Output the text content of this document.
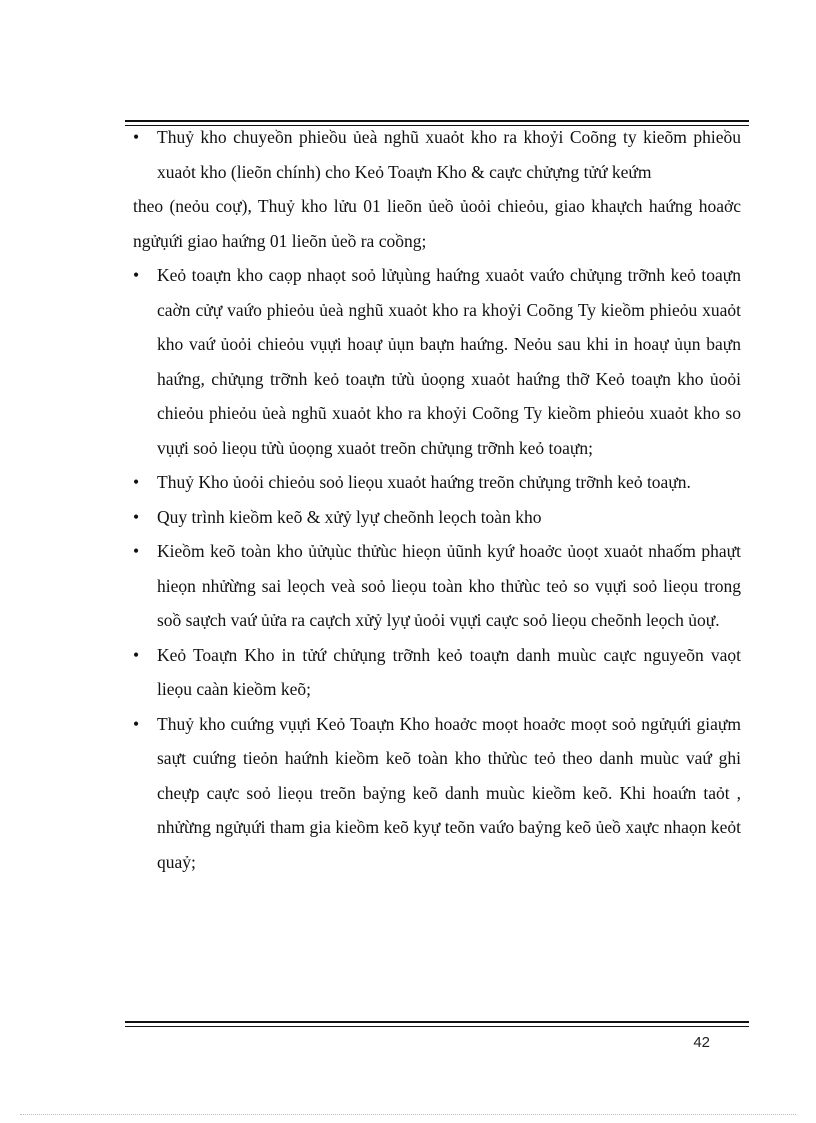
• Thuỷ kho chuyeồn phieồu ủeà nghũ xuaỏt kho ra khoỷi Coõng ty kieõm phieồu xuaỏt kho (lieõn chính) cho Keỏ Toaựn Kho & caực chửựng tửứ keứm

theo (neỏu coự), Thuỷ kho lửu 01 lieõn ủeồ ủoỏi chieỏu, giao khaựch haứng hoaởc ngửụứi giao haứng 01 lieõn ủeồ ra coồng;

• Keỏ toaựn kho caọp nhaọt soỏ lửụùng haứng xuaỏt vaứo chửụng trỡnh keỏ toaựn caờn cửự vaứo phieỏu ủeà nghũ xuaỏt kho ra khoỷi Coõng Ty kieồm phieỏu xuaỏt kho vaứ ủoỏi chieỏu vụựi hoaự ủụn baựn haứng. Neỏu sau khi in hoaự ủụn baựn haứng, chửụng trỡnh keỏ toaựn tửù ủoọng xuaỏt haứng thỡ Keỏ toaựn kho ủoỏi chieỏu phieỏu ủeà nghũ xuaỏt kho ra khoỷi Coõng Ty kieồm phieỏu xuaỏt kho so vụựi soỏ lieọu tửù ủoọng xuaỏt treõn chửụng trỡnh keỏ toaựn;

• Thuỷ Kho ủoỏi chieỏu soỏ lieọu xuaỏt haứng treõn chửụng trỡnh keỏ toaựn.

• Quy trình kieồm keõ & xửỷ lyự cheõnh leọch toàn kho

• Kieồm keõ toàn kho ủửụùc thửùc hieọn ủũnh kyứ hoaởc ủoọt xuaỏt nhaốm phaựt hieọn nhửừng sai leọch veà soỏ lieọu toàn kho thửùc teỏ so vụựi soỏ lieọu trong soồ saựch vaứ ủửa ra caựch xửỷ lyự ủoỏi vụựi caực soỏ lieọu cheõnh leọch ủoự.

• Keỏ Toaựn Kho in tửứ chửụng trỡnh keỏ toaựn danh muùc caực nguyeõn vaọt lieọu caàn kieồm keõ;

• Thuỷ kho cuứng vụựi Keỏ Toaựn Kho hoaởc moọt hoaởc moọt soỏ ngửụứi giaựm saựt cuứng tieỏn haứnh kieồm keõ toàn kho thửùc teỏ theo danh muùc vaứ ghi cheựp caực soỏ lieọu treõn baỷng keõ danh muùc kieồm keõ. Khi hoaứn taỏt , nhửừng ngửụứi tham gia kieồm keõ kyự teõn vaứo baỷng keõ ủeồ xaực nhaọn keỏt quaỷ;

42
